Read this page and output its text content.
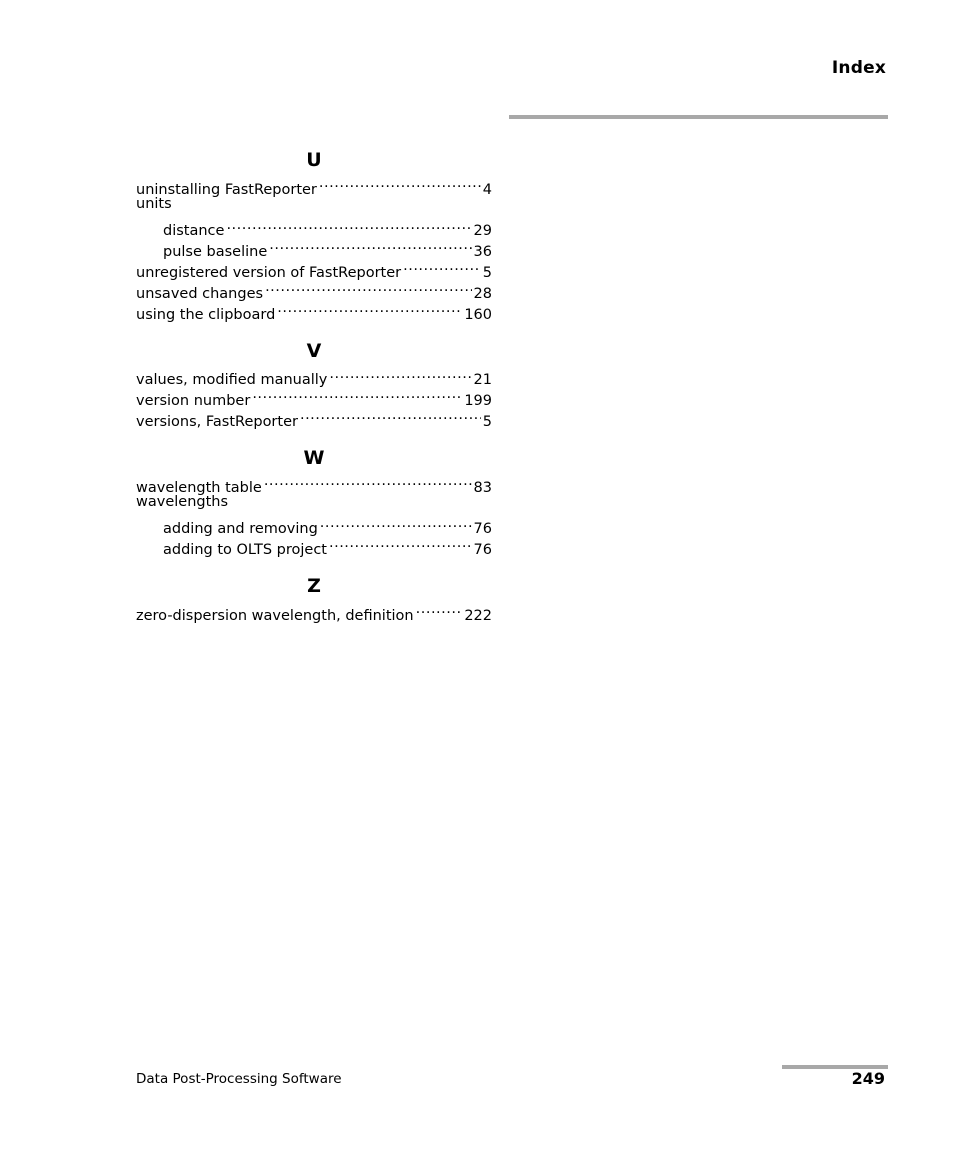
Index
U
uninstalling FastReporter .....	4
units
distance .....	29
pulse baseline .....	36
unregistered version of FastReporter .....	5
unsaved changes .....	28
using the clipboard .....	160
V
values, modified manually .....	21
version number .....	199
versions, FastReporter .....	5
W
wavelength table .....	83
wavelengths
adding and removing .....	76
adding to OLTS project .....	76
Z
zero-dispersion wavelength, definition .....	222
Data Post-Processing Software	249
